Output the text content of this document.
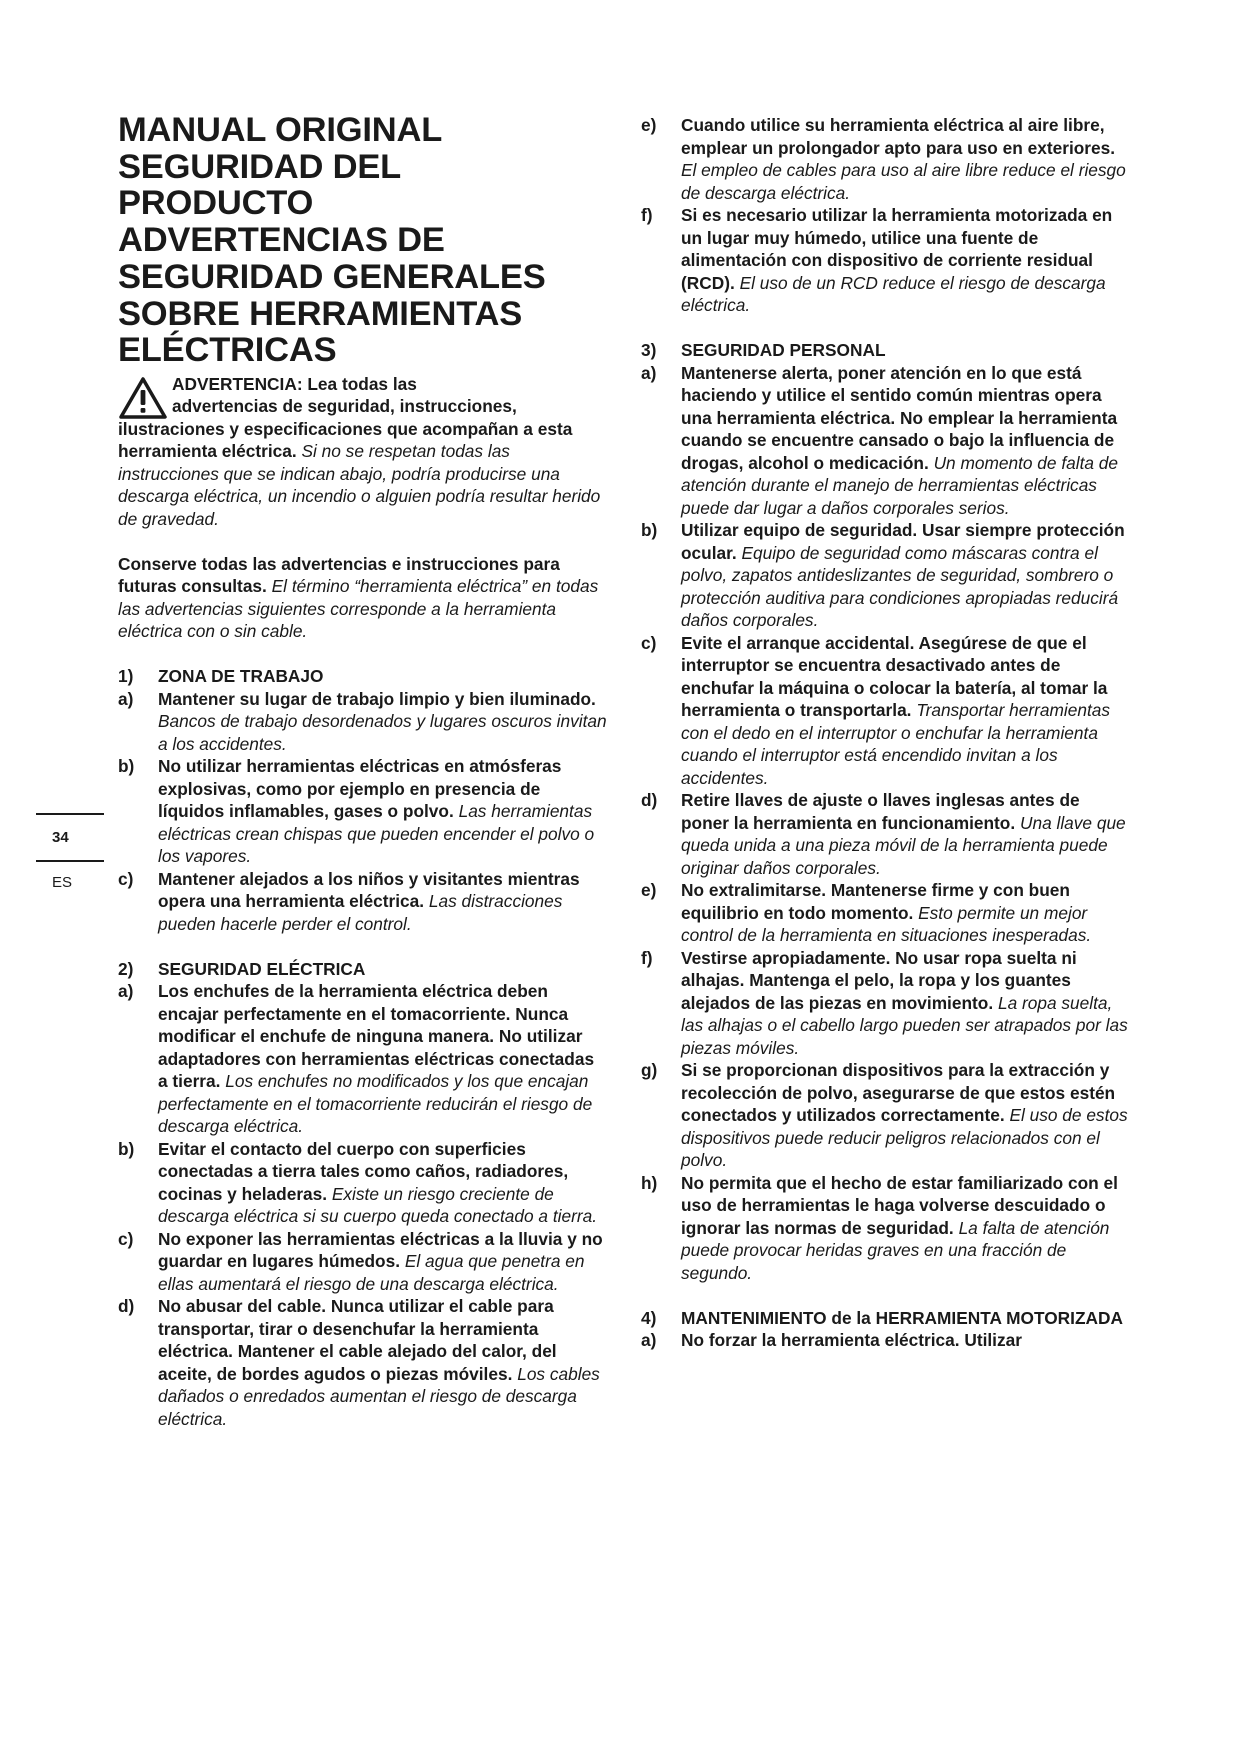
34
ES
MANUAL ORIGINAL
SEGURIDAD DEL
PRODUCTO
ADVERTENCIAS DE
SEGURIDAD GENERALES
SOBRE HERRAMIENTAS
ELÉCTRICAS

ADVERTENCIA: Lea todas las

advertencias de seguridad, instrucciones,

ilustraciones y especificaciones que acompañan a esta herramienta eléctrica. Si no se respetan todas las instrucciones que se indican abajo, podría producirse una descarga eléctrica, un incendio o alguien podría resultar herido de gravedad.

Conserve todas las advertencias e instrucciones para futuras consultas. El término “herramienta eléctrica” en todas las advertencias siguientes corresponde a la herramienta eléctrica con o sin cable.

1)	ZONA DE TRABAJO
a)	Mantener su lugar de trabajo limpio y bien iluminado. Bancos de trabajo desordenados y lugares oscuros invitan a los accidentes.
b)	No utilizar herramientas eléctricas en atmósferas explosivas, como por ejemplo en presencia de líquidos inflamables, gases o polvo. Las herramientas eléctricas crean chispas que pueden encender el polvo o los vapores.
c)	Mantener alejados a los niños y visitantes mientras opera una herramienta eléctrica. Las distracciones pueden hacerle perder el control.
2)	SEGURIDAD ELÉCTRICA
a)	Los enchufes de la herramienta eléctrica deben encajar perfectamente en el tomacorriente. Nunca modificar el enchufe de ninguna manera. No utilizar adaptadores con herramientas eléctricas conectadas a tierra. Los enchufes no modificados y los que encajan perfectamente en el tomacorriente reducirán el riesgo de descarga eléctrica.
b)	Evitar el contacto del cuerpo con superficies conectadas a tierra tales como caños, radiadores, cocinas y heladeras. Existe un riesgo creciente de descarga eléctrica si su cuerpo queda conectado a tierra.
c)	No exponer las herramientas eléctricas a la lluvia y no guardar en lugares húmedos. El agua que penetra en ellas aumentará el riesgo de una descarga eléctrica.
d)	No abusar del cable. Nunca utilizar el cable para transportar, tirar o desenchufar la herramienta eléctrica. Mantener el cable alejado del calor, del aceite, de bordes agudos o piezas móviles. Los cables dañados o enredados aumentan el riesgo de descarga eléctrica.
e)	Cuando utilice su herramienta eléctrica al aire libre, emplear un prolongador apto para uso en exteriores. El empleo de cables para uso al aire libre reduce el riesgo de descarga eléctrica.
f)	Si es necesario utilizar la herramienta motorizada en un lugar muy húmedo, utilice una fuente de alimentación con dispositivo de corriente residual (RCD). El uso de un RCD reduce el riesgo de descarga eléctrica.
3)	SEGURIDAD PERSONAL
a)	Mantenerse alerta, poner atención en lo que está haciendo y utilice el sentido común mientras opera una herramienta eléctrica. No emplear la herramienta cuando se encuentre cansado o bajo la influencia de drogas, alcohol o medicación. Un momento de falta de atención durante el manejo de herramientas eléctricas puede dar lugar a daños corporales serios.
b)	Utilizar equipo de seguridad. Usar siempre protección ocular. Equipo de seguridad como máscaras contra el polvo, zapatos antideslizantes de seguridad, sombrero o protección auditiva para condiciones apropiadas reducirá daños corporales.
c)	Evite el arranque accidental. Asegúrese de que el interruptor se encuentra desactivado antes de enchufar la máquina o colocar la batería, al tomar la herramienta o transportarla. Transportar herramientas con el dedo en el interruptor o enchufar la herramienta cuando el interruptor está encendido invitan a los accidentes.
d)	Retire llaves de ajuste o llaves inglesas antes de poner la herramienta en funcionamiento. Una llave que queda unida a una pieza móvil de la herramienta puede originar daños corporales.
e)	No extralimitarse. Mantenerse firme y con buen equilibrio en todo momento. Esto permite un mejor control de la herramienta en situaciones inesperadas.
f)	Vestirse apropiadamente. No usar ropa suelta ni alhajas. Mantenga el pelo, la ropa y los guantes alejados de las piezas en movimiento. La ropa suelta, las alhajas o el cabello largo pueden ser atrapados por las piezas móviles.
g)	Si se proporcionan dispositivos para la extracción y recolección de polvo, asegurarse de que estos estén conectados y utilizados correctamente. El uso de estos dispositivos puede reducir peligros relacionados con el polvo.
h)	No permita que el hecho de estar familiarizado con el uso de herramientas le haga volverse descuidado o ignorar las normas de seguridad. La falta de atención puede provocar heridas graves en una fracción de segundo.
4)	MANTENIMIENTO de la HERRAMIENTA MOTORIZADA
a)	No forzar la herramienta eléctrica. Utilizar
